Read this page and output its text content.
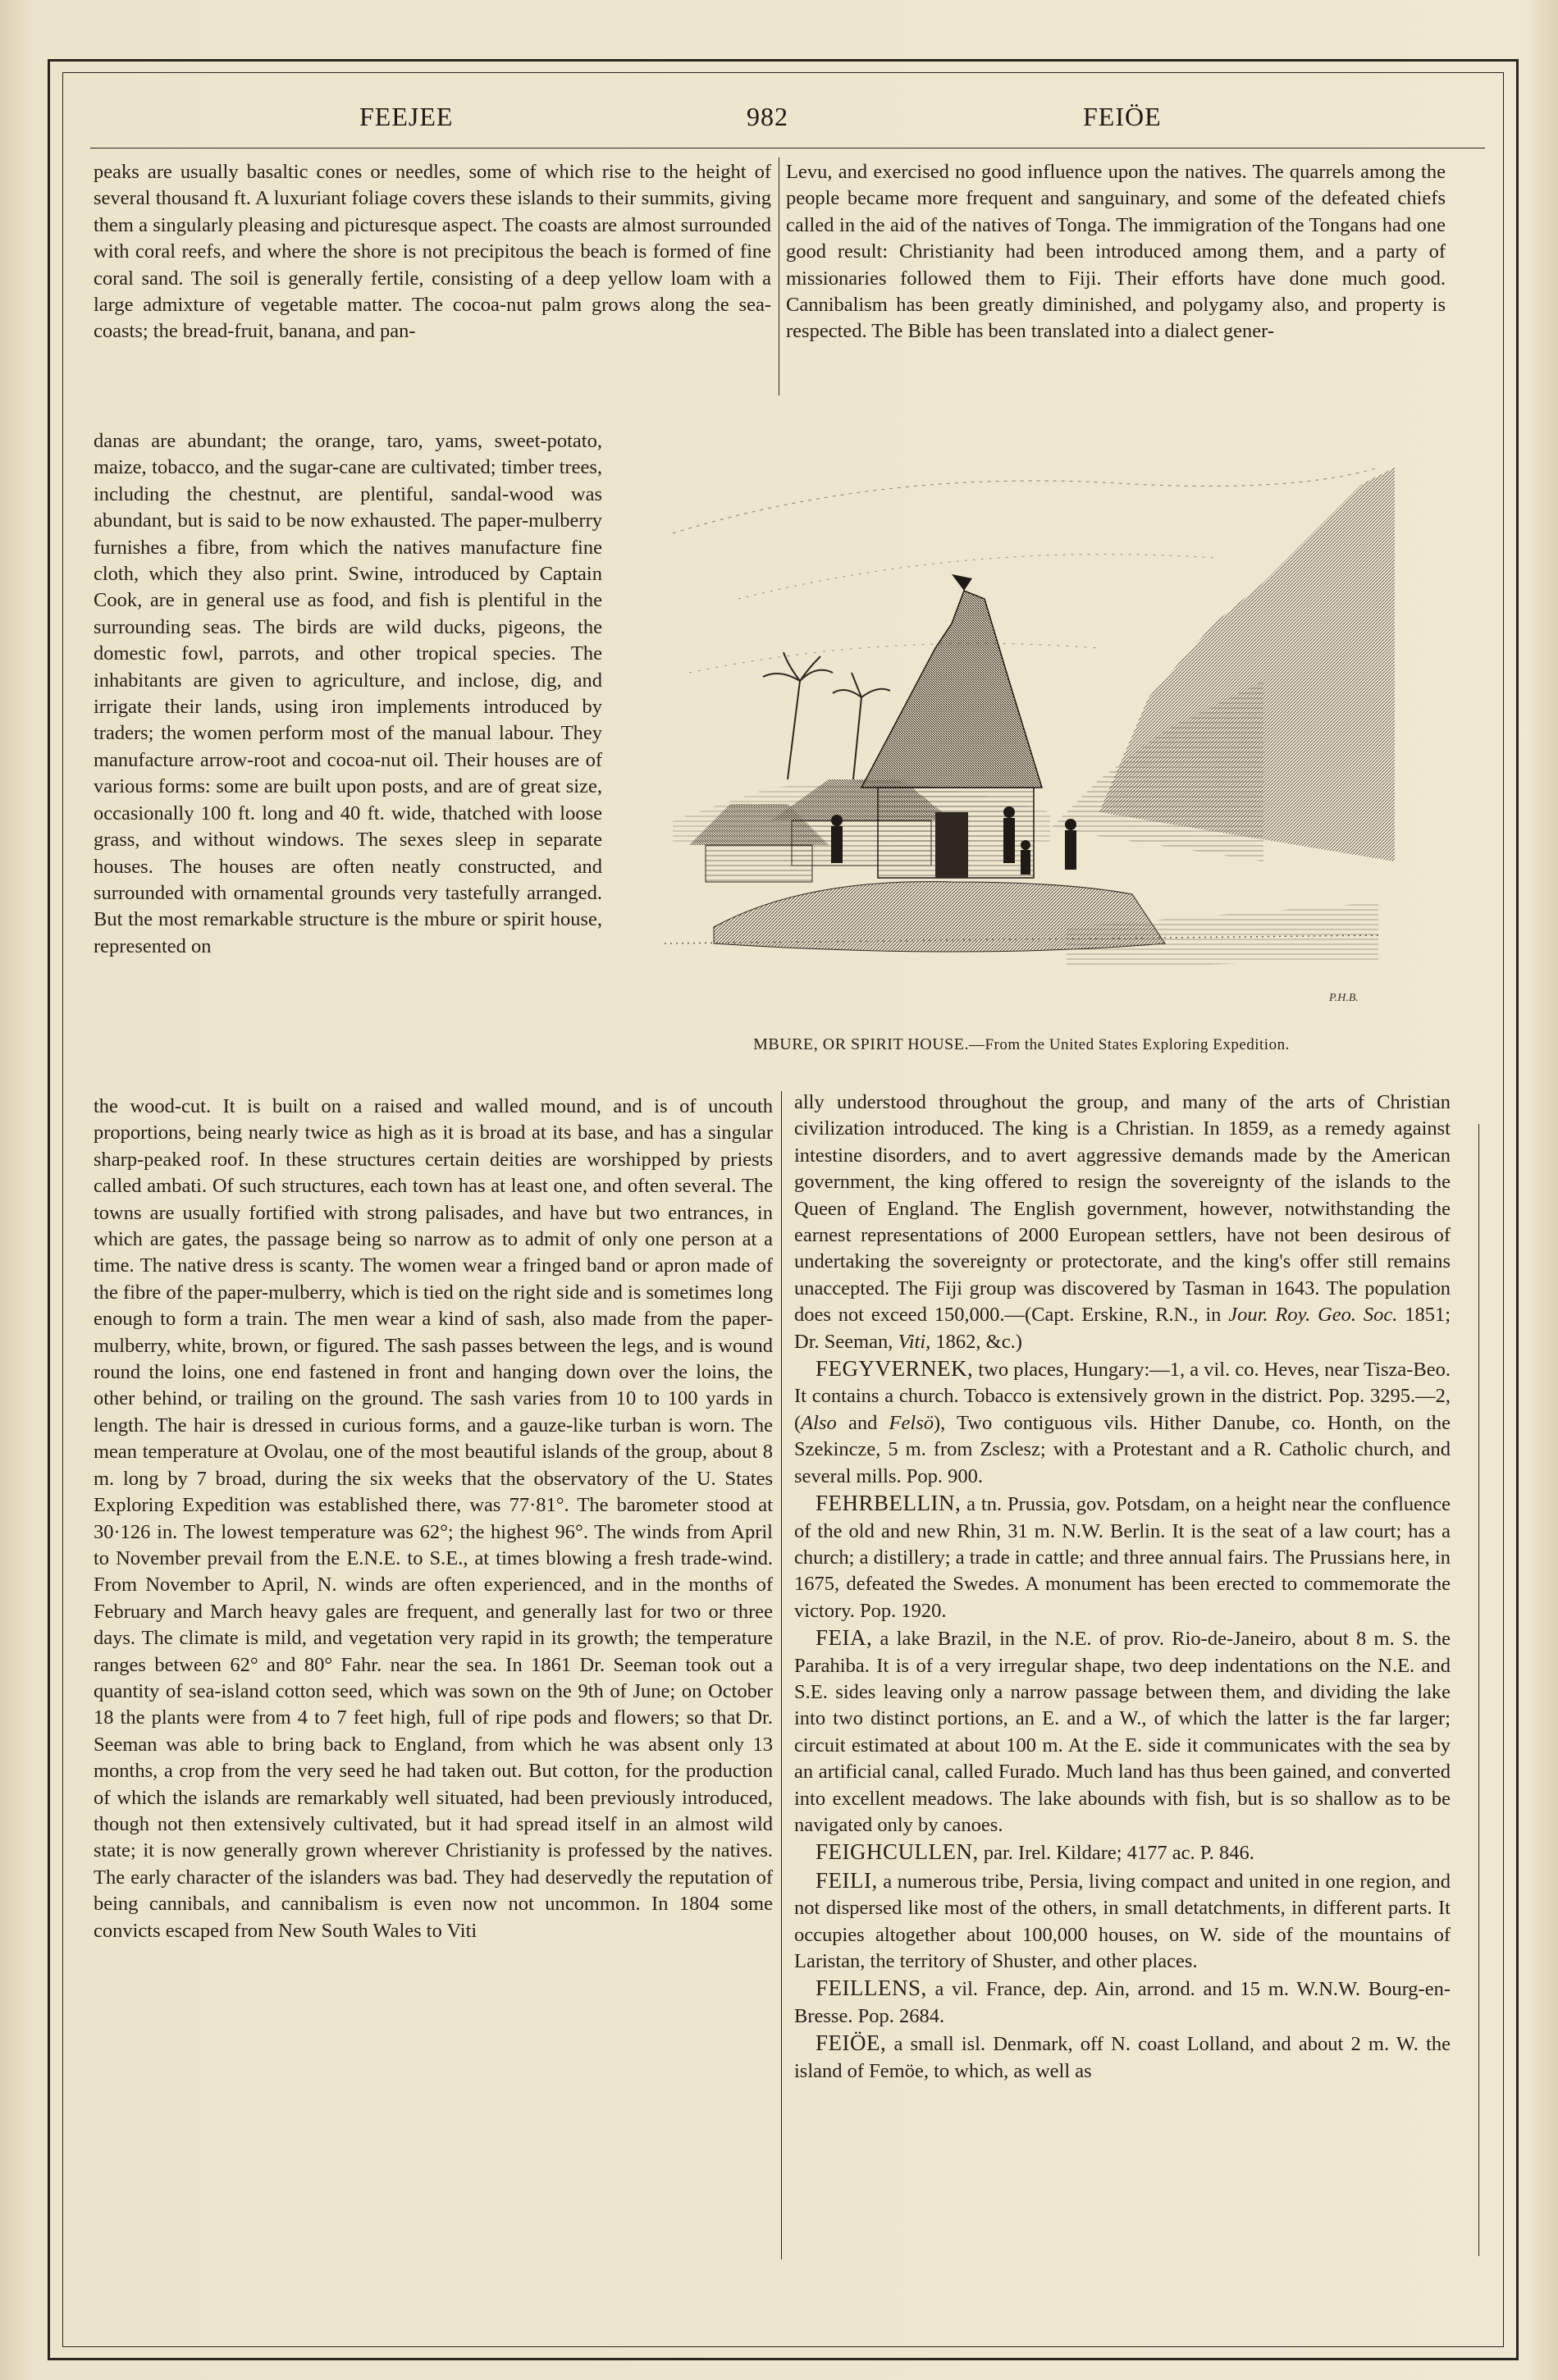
FEEJEE	982	FEIÖE

peaks are usually basaltic cones or needles, some of which rise to the height of several thousand ft. A luxuriant foliage covers these islands to their summits, giving them a singularly pleasing and picturesque aspect. The coasts are almost surrounded with coral reefs, and where the shore is not precipitous the beach is formed of fine coral sand. The soil is generally fertile, consisting of a deep yellow loam with a large admixture of vegetable matter. The cocoa-nut palm grows along the sea-coasts; the bread-fruit, banana, and pan-

danas are abundant; the orange, taro, yams, sweet-potato, maize, tobacco, and the sugar-cane are cultivated; timber trees, including the chestnut, are plentiful, sandal-wood was abundant, but is said to be now exhausted. The paper-mulberry furnishes a fibre, from which the natives manufacture fine cloth, which they also print. Swine, introduced by Captain Cook, are in general use as food, and fish is plentiful in the surrounding seas. The birds are wild ducks, pigeons, the domestic fowl, parrots, and other tropical species. The inhabitants are given to agriculture, and inclose, dig, and irrigate their lands, using iron implements introduced by traders; the women perform most of the manual labour. They manufacture arrow-root and cocoa-nut oil. Their houses are of various forms: some are built upon posts, and are of great size, occasionally 100 ft. long and 40 ft. wide, thatched with loose grass, and without windows. The sexes sleep in separate houses. The houses are often neatly constructed, and surrounded with ornamental grounds very tastefully arranged. But the most remarkable structure is the mbure or spirit house, represented on

the wood-cut. It is built on a raised and walled mound, and is of uncouth proportions, being nearly twice as high as it is broad at its base, and has a singular sharp-peaked roof. In these structures certain deities are worshipped by priests called ambati. Of such structures, each town has at least one, and often several. The towns are usually fortified with strong palisades, and have but two entrances, in which are gates, the passage being so narrow as to admit of only one person at a time. The native dress is scanty. The women wear a fringed band or apron made of the fibre of the paper-mulberry, which is tied on the right side and is sometimes long enough to form a train. The men wear a kind of sash, also made from the paper-mulberry, white, brown, or figured. The sash passes between the legs, and is wound round the loins, one end fastened in front and hanging down over the loins, the other behind, or trailing on the ground. The sash varies from 10 to 100 yards in length. The hair is dressed in curious forms, and a gauze-like turban is worn. The mean temperature at Ovolau, one of the most beautiful islands of the group, about 8 m. long by 7 broad, during the six weeks that the observatory of the U. States Exploring Expedition was established there, was 77·81°. The barometer stood at 30·126 in. The lowest temperature was 62°; the highest 96°. The winds from April to November prevail from the E.N.E. to S.E., at times blowing a fresh trade-wind. From November to April, N. winds are often experienced, and in the months of February and March heavy gales are frequent, and generally last for two or three days. The climate is mild, and vegetation very rapid in its growth; the temperature ranges between 62° and 80° Fahr. near the sea. In 1861 Dr. Seeman took out a quantity of sea-island cotton seed, which was sown on the 9th of June; on October 18 the plants were from 4 to 7 feet high, full of ripe pods and flowers; so that Dr. Seeman was able to bring back to England, from which he was absent only 13 months, a crop from the very seed he had taken out. But cotton, for the production of which the islands are remarkably well situated, had been previously introduced, though not then extensively cultivated, but it had spread itself in an almost wild state; it is now generally grown wherever Christianity is professed by the natives. The early character of the islanders was bad. They had deservedly the reputation of being cannibals, and cannibalism is even now not uncommon. In 1804 some convicts escaped from New South Wales to Viti

Levu, and exercised no good influence upon the natives. The quarrels among the people became more frequent and sanguinary, and some of the defeated chiefs called in the aid of the natives of Tonga. The immigration of the Tongans had one good result: Christianity had been introduced among them, and a party of missionaries followed them to Fiji. Their efforts have done much good. Cannibalism has been greatly diminished, and polygamy also, and property is respected. The Bible has been translated into a dialect gener-

P.H.B.
MBURE, OR SPIRIT HOUSE.—From the United States Exploring Expedition.

ally understood throughout the group, and many of the arts of Christian civilization introduced. The king is a Christian. In 1859, as a remedy against intestine disorders, and to avert aggressive demands made by the American government, the king offered to resign the sovereignty of the islands to the Queen of England. The English government, however, notwithstanding the earnest representations of 2000 European settlers, have not been desirous of undertaking the sovereignty or protectorate, and the king's offer still remains unaccepted. The Fiji group was discovered by Tasman in 1643. The population does not exceed 150,000.—(Capt. Erskine, R.N., in Jour. Roy. Geo. Soc. 1851; Dr. Seeman, Viti, 1862, &c.)

FEGYVERNEK, two places, Hungary:—1, a vil. co. Heves, near Tisza-Beo. It contains a church. Tobacco is extensively grown in the district. Pop. 3295.—2, (Also and Felsö), Two contiguous vils. Hither Danube, co. Honth, on the Szekincze, 5 m. from Zsclesz; with a Protestant and a R. Catholic church, and several mills. Pop. 900.

FEHRBELLIN, a tn. Prussia, gov. Potsdam, on a height near the confluence of the old and new Rhin, 31 m. N.W. Berlin. It is the seat of a law court; has a church; a distillery; a trade in cattle; and three annual fairs. The Prussians here, in 1675, defeated the Swedes. A monument has been erected to commemorate the victory. Pop. 1920.

FEIA, a lake Brazil, in the N.E. of prov. Rio-de-Janeiro, about 8 m. S. the Parahiba. It is of a very irregular shape, two deep indentations on the N.E. and S.E. sides leaving only a narrow passage between them, and dividing the lake into two distinct portions, an E. and a W., of which the latter is the far larger; circuit estimated at about 100 m. At the E. side it communicates with the sea by an artificial canal, called Furado. Much land has thus been gained, and converted into excellent meadows. The lake abounds with fish, but is so shallow as to be navigated only by canoes.

FEIGHCULLEN, par. Irel. Kildare; 4177 ac. P. 846.

FEILI, a numerous tribe, Persia, living compact and united in one region, and not dispersed like most of the others, in small detatchments, in different parts. It occupies altogether about 100,000 houses, on W. side of the mountains of Laristan, the territory of Shuster, and other places.

FEILLENS, a vil. France, dep. Ain, arrond. and 15 m. W.N.W. Bourg-en-Bresse. Pop. 2684.

FEIÖE, a small isl. Denmark, off N. coast Lolland, and about 2 m. W. the island of Femöe, to which, as well as
